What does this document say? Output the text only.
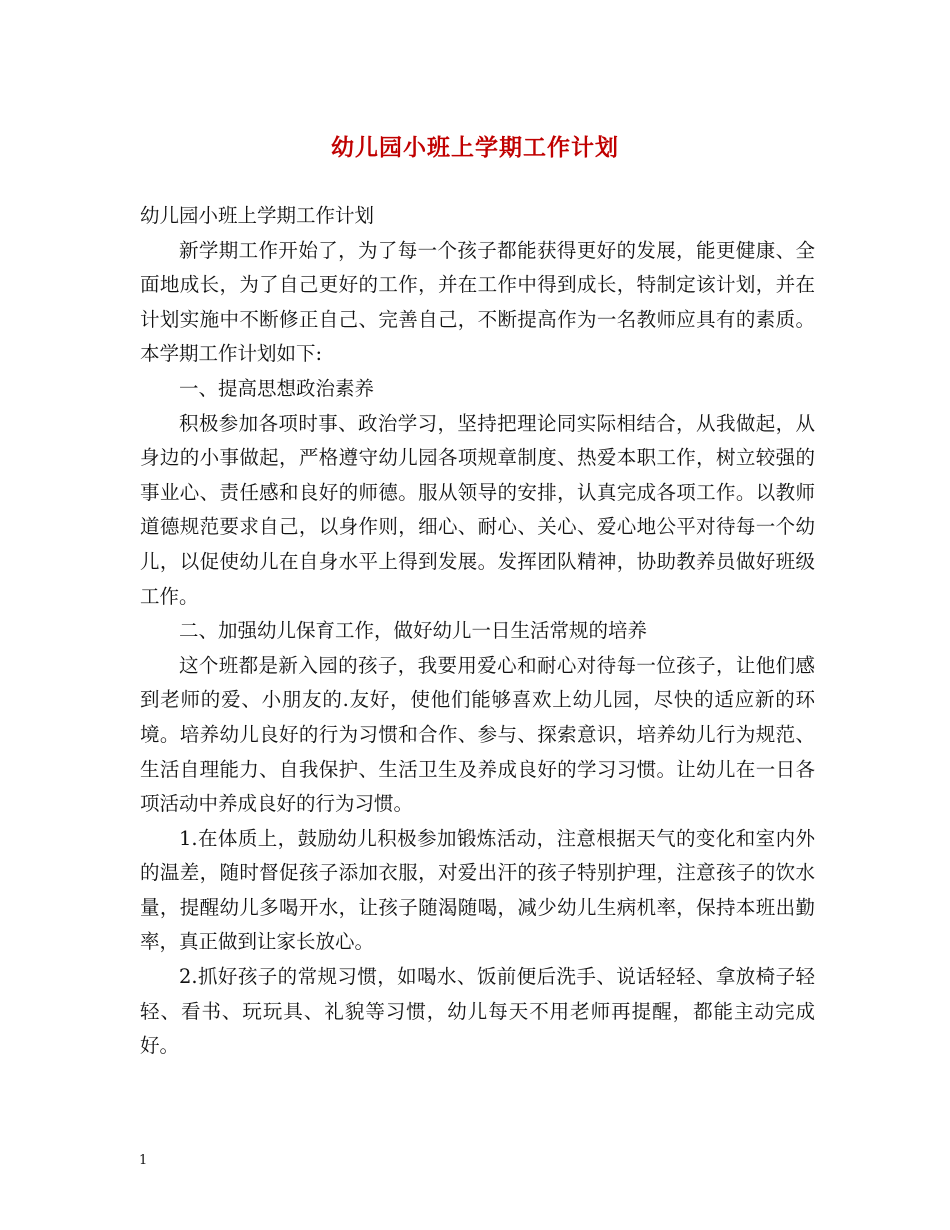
幼儿园小班上学期工作计划

幼儿园小班上学期工作计划

新学期工作开始了，为了每一个孩子都能获得更好的发展，能更健康、全面地成长，为了自己更好的工作，并在工作中得到成长，特制定该计划，并在计划实施中不断修正自己、完善自己，不断提高作为一名教师应具有的素质。本学期工作计划如下:

一、提高思想政治素养

积极参加各项时事、政治学习，坚持把理论同实际相结合，从我做起，从身边的小事做起，严格遵守幼儿园各项规章制度、热爱本职工作，树立较强的事业心、责任感和良好的师德。服从领导的安排，认真完成各项工作。以教师道德规范要求自己，以身作则，细心、耐心、关心、爱心地公平对待每一个幼儿，以促使幼儿在自身水平上得到发展。发挥团队精神，协助教养员做好班级工作。

二、加强幼儿保育工作，做好幼儿一日生活常规的培养

这个班都是新入园的孩子，我要用爱心和耐心对待每一位孩子，让他们感到老师的爱、小朋友的.友好，使他们能够喜欢上幼儿园，尽快的适应新的环境。培养幼儿良好的行为习惯和合作、参与、探索意识，培养幼儿行为规范、生活自理能力、自我保护、生活卫生及养成良好的学习习惯。让幼儿在一日各项活动中养成良好的行为习惯。

1.在体质上，鼓励幼儿积极参加锻炼活动，注意根据天气的变化和室内外的温差，随时督促孩子添加衣服，对爱出汗的孩子特别护理，注意孩子的饮水量，提醒幼儿多喝开水，让孩子随渴随喝，减少幼儿生病机率，保持本班出勤率，真正做到让家长放心。

2.抓好孩子的常规习惯，如喝水、饭前便后洗手、说话轻轻、拿放椅子轻轻、看书、玩玩具、礼貌等习惯，幼儿每天不用老师再提醒，都能主动完成好。

1
